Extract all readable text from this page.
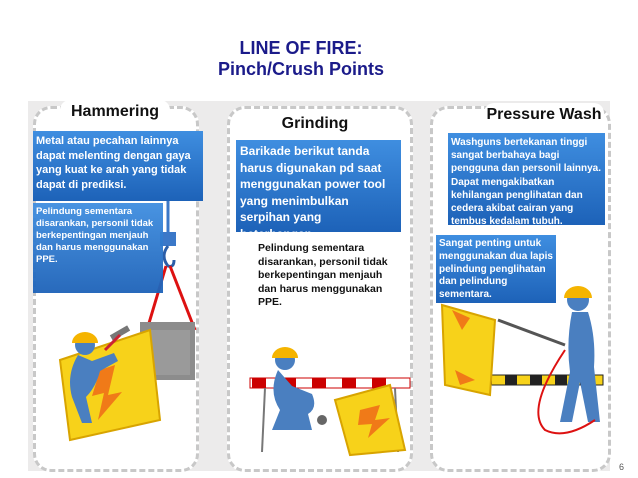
LINE OF FIRE:
Pinch/Crush Points
Hammering
Grinding
Pressure Wash
Metal atau pecahan lainnya dapat melenting dengan gaya yang kuat ke arah yang tidak dapat di prediksi.
Pelindung sementara disarankan, personil tidak berkepentingan menjauh dan harus menggunakan PPE.
Barikade berikut tanda harus digunakan pd saat menggunakan power tool yang menimbulkan serpihan yang beterbangan.
Pelindung sementara disarankan, personil tidak berkepentingan menjauh dan harus menggunakan PPE.
Washguns bertekanan tinggi sangat berbahaya bagi pengguna dan personil lainnya. Dapat mengakibatkan kehilangan penglihatan dan cedera akibat cairan yang tembus kedalam tubuh.
Sangat penting untuk menggunakan dua lapis pelindung penglihatan dan pelindung sementara.
6
